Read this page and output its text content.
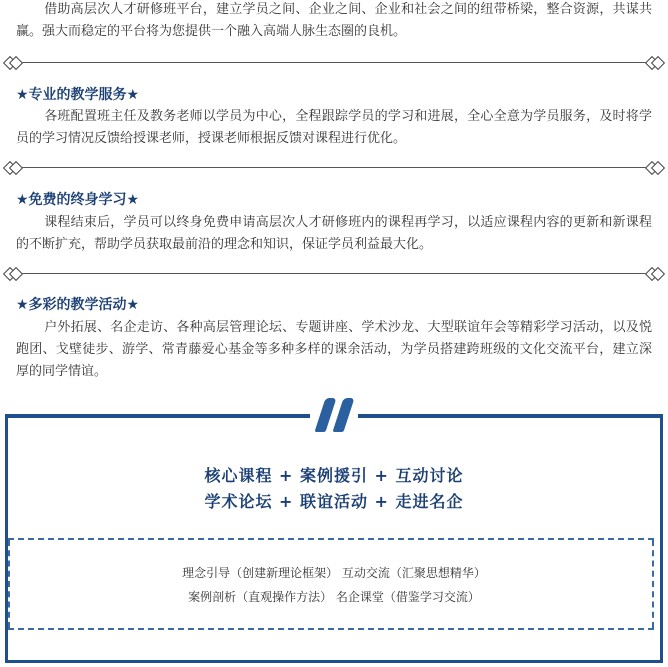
借助高层次人才研修班平台，建立学员之间、企业之间、企业和社会之间的纽带桥梁，整合资源，共谋共赢。强大而稳定的平台将为您提供一个融入高端人脉生态圈的良机。

★专业的教学服务★

各班配置班主任及教务老师以学员为中心，全程跟踪学员的学习和进展，全心全意为学员服务，及时将学员的学习情况反馈给授课老师，授课老师根据反馈对课程进行优化。

★免费的终身学习★

课程结束后，学员可以终身免费申请高层次人才研修班内的课程再学习，以适应课程内容的更新和新课程的不断扩充，帮助学员获取最前沿的理念和知识，保证学员利益最大化。

★多彩的教学活动★

户外拓展、名企走访、各种高层管理论坛、专题讲座、学术沙龙、大型联谊年会等精彩学习活动，以及悦跑团、戈壁徒步、游学、常青藤爱心基金等多种多样的课余活动，为学员搭建跨班级的文化交流平台，建立深厚的同学情谊。

核心课程 + 案例援引 + 互动讨论
学术论坛 + 联谊活动 + 走进名企
理念引导（创建新理论框架） 互动交流（汇聚思想精华）
案例剖析（直观操作方法） 名企课堂（借鉴学习交流）
